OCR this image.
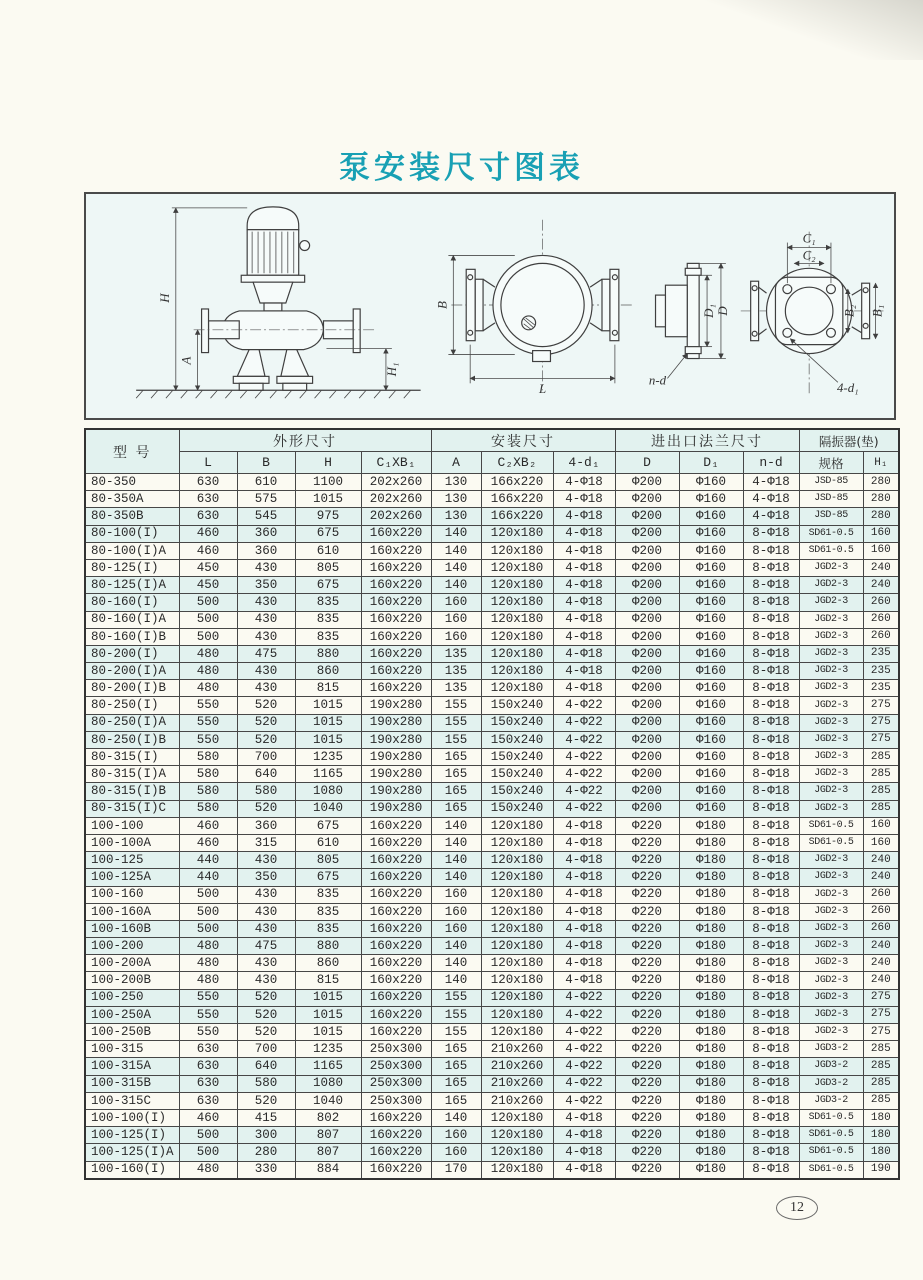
泵安装尺寸图表
H
A
H₁
B
L
D₁ D
n-d
C₁
C₂
B₂ B₁
4-d₁
型 号	外形尺寸				安装尺寸			进出口法兰尺寸			隔振器(垫)	
	L	B	H	C₁XB₁	A	C₂XB₂	4-d₁	D	D₁	n-d	规格	H₁
80-350	630	610	1100	202x260	130	166x220	4-Φ18	Φ200	Φ160	4-Φ18	JSD-85	280
80-350A	630	575	1015	202x260	130	166x220	4-Φ18	Φ200	Φ160	4-Φ18	JSD-85	280
80-350B	630	545	975	202x260	130	166x220	4-Φ18	Φ200	Φ160	4-Φ18	JSD-85	280
80-100(I)	460	360	675	160x220	140	120x180	4-Φ18	Φ200	Φ160	8-Φ18	SD61-0.5	160
80-100(I)A	460	360	610	160x220	140	120x180	4-Φ18	Φ200	Φ160	8-Φ18	SD61-0.5	160
80-125(I)	450	430	805	160x220	140	120x180	4-Φ18	Φ200	Φ160	8-Φ18	JGD2-3	240
80-125(I)A	450	350	675	160x220	140	120x180	4-Φ18	Φ200	Φ160	8-Φ18	JGD2-3	240
80-160(I)	500	430	835	160x220	160	120x180	4-Φ18	Φ200	Φ160	8-Φ18	JGD2-3	260
80-160(I)A	500	430	835	160x220	160	120x180	4-Φ18	Φ200	Φ160	8-Φ18	JGD2-3	260
80-160(I)B	500	430	835	160x220	160	120x180	4-Φ18	Φ200	Φ160	8-Φ18	JGD2-3	260
80-200(I)	480	475	880	160x220	135	120x180	4-Φ18	Φ200	Φ160	8-Φ18	JGD2-3	235
80-200(I)A	480	430	860	160x220	135	120x180	4-Φ18	Φ200	Φ160	8-Φ18	JGD2-3	235
80-200(I)B	480	430	815	160x220	135	120x180	4-Φ18	Φ200	Φ160	8-Φ18	JGD2-3	235
80-250(I)	550	520	1015	190x280	155	150x240	4-Φ22	Φ200	Φ160	8-Φ18	JGD2-3	275
80-250(I)A	550	520	1015	190x280	155	150x240	4-Φ22	Φ200	Φ160	8-Φ18	JGD2-3	275
80-250(I)B	550	520	1015	190x280	155	150x240	4-Φ22	Φ200	Φ160	8-Φ18	JGD2-3	275
80-315(I)	580	700	1235	190x280	165	150x240	4-Φ22	Φ200	Φ160	8-Φ18	JGD2-3	285
80-315(I)A	580	640	1165	190x280	165	150x240	4-Φ22	Φ200	Φ160	8-Φ18	JGD2-3	285
80-315(I)B	580	580	1080	190x280	165	150x240	4-Φ22	Φ200	Φ160	8-Φ18	JGD2-3	285
80-315(I)C	580	520	1040	190x280	165	150x240	4-Φ22	Φ200	Φ160	8-Φ18	JGD2-3	285
100-100	460	360	675	160x220	140	120x180	4-Φ18	Φ220	Φ180	8-Φ18	SD61-0.5	160
100-100A	460	315	610	160x220	140	120x180	4-Φ18	Φ220	Φ180	8-Φ18	SD61-0.5	160
100-125	440	430	805	160x220	140	120x180	4-Φ18	Φ220	Φ180	8-Φ18	JGD2-3	240
100-125A	440	350	675	160x220	140	120x180	4-Φ18	Φ220	Φ180	8-Φ18	JGD2-3	240
100-160	500	430	835	160x220	160	120x180	4-Φ18	Φ220	Φ180	8-Φ18	JGD2-3	260
100-160A	500	430	835	160x220	160	120x180	4-Φ18	Φ220	Φ180	8-Φ18	JGD2-3	260
100-160B	500	430	835	160x220	160	120x180	4-Φ18	Φ220	Φ180	8-Φ18	JGD2-3	260
100-200	480	475	880	160x220	140	120x180	4-Φ18	Φ220	Φ180	8-Φ18	JGD2-3	240
100-200A	480	430	860	160x220	140	120x180	4-Φ18	Φ220	Φ180	8-Φ18	JGD2-3	240
100-200B	480	430	815	160x220	140	120x180	4-Φ18	Φ220	Φ180	8-Φ18	JGD2-3	240
100-250	550	520	1015	160x220	155	120x180	4-Φ22	Φ220	Φ180	8-Φ18	JGD2-3	275
100-250A	550	520	1015	160x220	155	120x180	4-Φ22	Φ220	Φ180	8-Φ18	JGD2-3	275
100-250B	550	520	1015	160x220	155	120x180	4-Φ22	Φ220	Φ180	8-Φ18	JGD2-3	275
100-315	630	700	1235	250x300	165	210x260	4-Φ22	Φ220	Φ180	8-Φ18	JGD3-2	285
100-315A	630	640	1165	250x300	165	210x260	4-Φ22	Φ220	Φ180	8-Φ18	JGD3-2	285
100-315B	630	580	1080	250x300	165	210x260	4-Φ22	Φ220	Φ180	8-Φ18	JGD3-2	285
100-315C	630	520	1040	250x300	165	210x260	4-Φ22	Φ220	Φ180	8-Φ18	JGD3-2	285
100-100(I)	460	415	802	160x220	140	120x180	4-Φ18	Φ220	Φ180	8-Φ18	SD61-0.5	180
100-125(I)	500	300	807	160x220	160	120x180	4-Φ18	Φ220	Φ180	8-Φ18	SD61-0.5	180
100-125(I)A	500	280	807	160x220	160	120x180	4-Φ18	Φ220	Φ180	8-Φ18	SD61-0.5	180
100-160(I)	480	330	884	160x220	170	120x180	4-Φ18	Φ220	Φ180	8-Φ18	SD61-0.5	190
12
